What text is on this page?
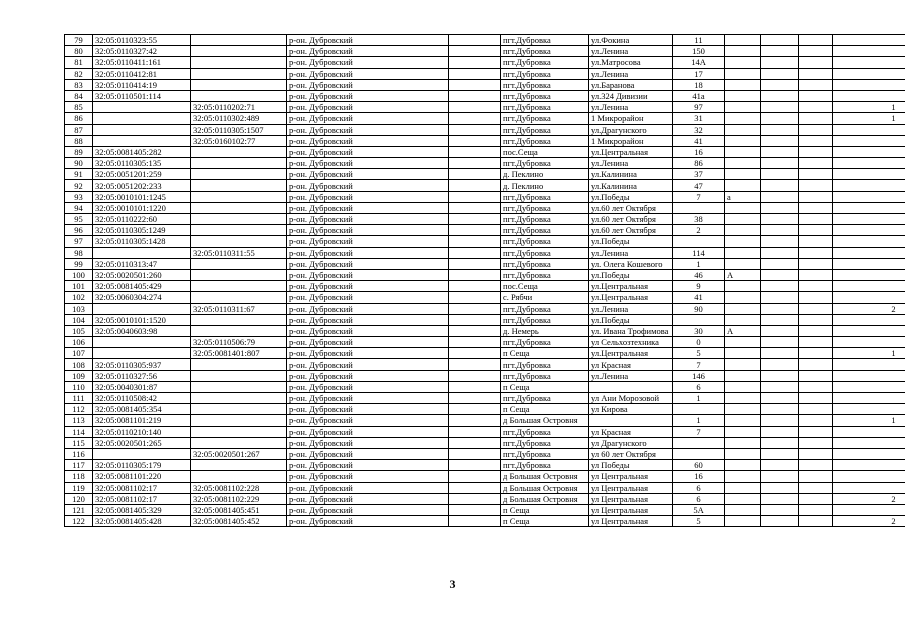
79	32:05:0110323:55		р-он. Дубровский		пгт.Дубровка	ул.Фокина	11				
80	32:05:0110327:42		р-он. Дубровский		пгт.Дубровка	ул.Ленина	150				
81	32:05:0110411:161		р-он. Дубровский		пгт.Дубровка	ул.Матросова	14А				
82	32:05:0110412:81		р-он. Дубровский		пгт.Дубровка	ул.Ленина	17				
83	32:05:0110414:19		р-он. Дубровский		пгт.Дубровка	ул.Баранова	18				
84	32:05:0110501:114		р-он. Дубровский		пгт.Дубровка	ул.324 Дивизии	41а				
85		32:05:0110202:71	р-он. Дубровский		пгт.Дубровка	ул.Ленина	97				1
86		32:05:0110302:489	р-он. Дубровский		пгт.Дубровка	1 Микрорайон	31				1
87		32:05:0110305:1507	р-он. Дубровский		пгт.Дубровка	ул.Драгунского	32				
88		32:05:0160102:77	р-он. Дубровский		пгт.Дубровка	1 Микрорайон	41				
89	32:05:0081405:282		р-он. Дубровский		пос.Сеща	ул.Центральная	16				
90	32:05:0110305:135		р-он. Дубровский		пгт.Дубровка	ул.Ленина	86				
91	32:05:0051201:259		р-он. Дубровский		д. Пеклино	ул.Калинина	37				
92	32:05:0051202:233		р-он. Дубровский		д. Пеклино	ул.Калинина	47				
93	32:05:0010101:1245		р-он. Дубровский		пгт.Дубровка	ул.Победы	7	а			
94	32:05:0010101:1220		р-он. Дубровский		пгт.Дубровка	ул.60 лет Октября					
95	32:05:0110222:60		р-он. Дубровский		пгт.Дубровка	ул.60 лет Октября	38				
96	32:05:0110305:1249		р-он. Дубровский		пгт.Дубровка	ул.60 лет Октября	2				
97	32:05:0110305:1428		р-он. Дубровский		пгт.Дубровка	ул.Победы					
98		32:05:0110311:55	р-он. Дубровский		пгт.Дубровка	ул.Ленина	114				
99	32:05:0110313:47		р-он. Дубровский		пгт.Дубровка	ул. Олега Кошевого	1				
100	32:05:0020501:260		р-он. Дубровский		пгт.Дубровка	ул.Победы	46	А			
101	32:05:0081405:429		р-он. Дубровский		пос.Сеща	ул.Центральная	9				
102	32:05:0060304:274		р-он. Дубровский		с. Рябчи	ул.Центральная	41				
103		32:05:0110311:67	р-он. Дубровский		пгт.Дубровка	ул.Ленина	90				2
104	32:05:0010101:1520		р-он. Дубровский		пгт.Дубровка	ул.Победы					
105	32:05:0040603:98		р-он. Дубровский		д. Немерь	ул. Ивана Трофимова	30	А			
106		32:05:0110506:79	р-он. Дубровский		пгт.Дубровка	ул Сельхозтехника	0				
107		32:05:0081401:807	р-он. Дубровский		п Сеща	ул.Центральная	5				1
108	32:05:0110305:937		р-он. Дубровский		пгт.Дубровка	ул Красная	7				
109	32:05:0110327:56		р-он. Дубровский		пгт.Дубровка	ул.Ленина	146				
110	32:05:0040301:87		р-он. Дубровский		п Сеща		6				
111	32:05:0110508:42		р-он. Дубровский		пгт.Дубровка	ул Ани Морозовой	1				
112	32:05:0081405:354		р-он. Дубровский		п Сеща	ул Кирова					
113	32:05:0081101:219		р-он. Дубровский		д Большая Островня		1				1
114	32:05:0110210:140		р-он. Дубровский		пгт.Дубровка	ул Красная	7				
115	32:05:0020501:265		р-он. Дубровский		пгт.Дубровка	ул Драгунского					
116		32:05:0020501:267	р-он. Дубровский		пгт.Дубровка	ул 60 лет Октября					
117	32:05:0110305:179		р-он. Дубровский		пгт.Дубровка	ул Победы	60				
118	32:05:0081101:220		р-он. Дубровский		д Большая Островня	ул Центральная	16				
119	32:05:0081102:17	32:05:0081102:228	р-он. Дубровский		д Большая Островня	ул Центральная	6				
120	32:05:0081102:17	32:05:0081102:229	р-он. Дубровский		д Большая Островня	ул Центральная	6				2
121	32:05:0081405:329	32:05:0081405:451	р-он. Дубровский		п Сеща	ул Центральная	5А				
122	32:05:0081405:428	32:05:0081405:452	р-он. Дубровский		п Сеща	ул Центральная	5				2
3
